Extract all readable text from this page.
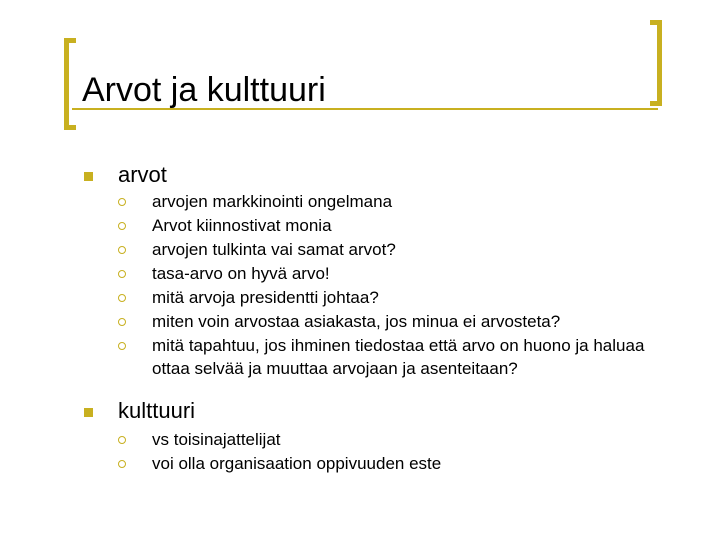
Arvot ja kulttuuri
arvot
arvojen markkinointi ongelmana
Arvot kiinnostivat monia
arvojen tulkinta vai samat arvot?
tasa-arvo on hyvä arvo!
mitä arvoja presidentti johtaa?
miten voin arvostaa asiakasta, jos minua ei arvosteta?
mitä tapahtuu, jos ihminen tiedostaa että arvo on huono ja haluaa ottaa selvää ja muuttaa arvojaan ja asenteitaan?
kulttuuri
vs toisinajattelijat
voi olla organisaation oppivuuden este
